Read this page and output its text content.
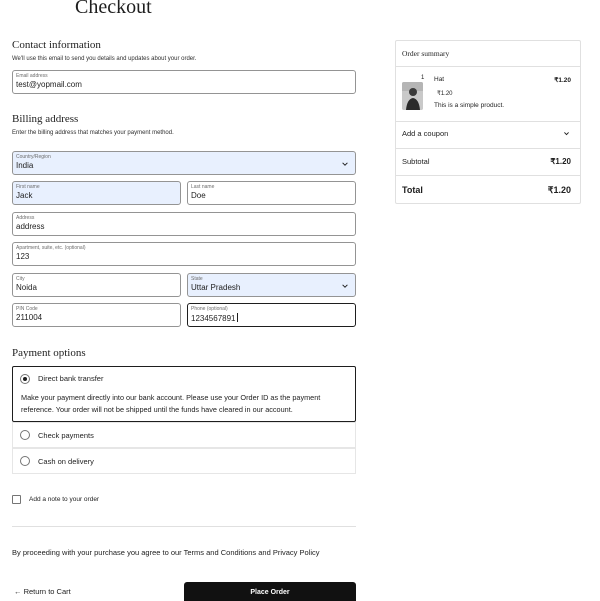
Checkout
Contact information
We'll use this email to send you details and updates about your order.
Email address
test@yopmail.com
Billing address
Enter the billing address that matches your payment method.
Country/Region
India
First name
Jack
Last name
Doe
Address
address
Apartment, suite, etc. (optional)
123
City
Noida
State
Uttar Pradesh
PIN Code
211004
Phone (optional)
1234567891
Payment options
Direct bank transfer
Make your payment directly into our bank account. Please use your Order ID as the payment reference. Your order will not be shipped until the funds have cleared in our account.
Check payments
Cash on delivery
Add a note to your order
By proceeding with your purchase you agree to our Terms and Conditions and Privacy Policy
← Return to Cart	Place Order
Order summary
1 Hat	₹1.20
₹1.20
This is a simple product.
Add a coupon
Subtotal	₹1.20
Total	₹1.20
